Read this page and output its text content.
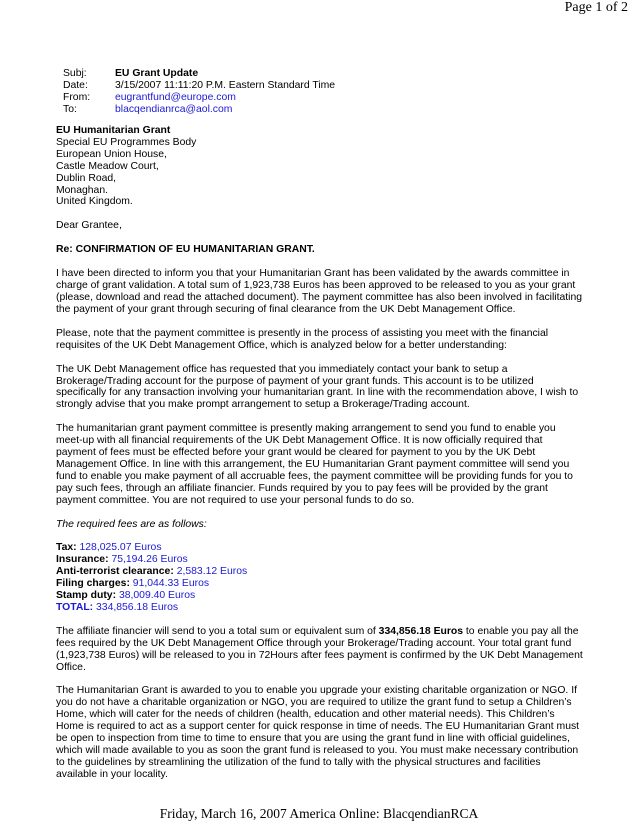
Page 1 of 2
Subj:	EU Grant Update
Date:	3/15/2007 11:11:20 P.M. Eastern Standard Time
From:	eugrantfund@europe.com
To:	blacqendianrca@aol.com

EU Humanitarian Grant

Special EU Programmes Body

European Union House,

Castle Meadow Court,

Dublin Road,

Monaghan.

United Kingdom.

Dear Grantee,

Re: CONFIRMATION OF EU HUMANITARIAN GRANT.

I have been directed to inform you that your Humanitarian Grant has been validated by the awards committee in charge of grant validation. A total sum of 1,923,738 Euros has been approved to be released to you as your grant (please, download and read the attached document). The payment committee has also been involved in facilitating the payment of your grant through securing of final clearance from the UK Debt Management Office.

Please, note that the payment committee is presently in the process of assisting you meet with the financial requisites of the UK Debt Management Office, which is analyzed below for a better understanding:

The UK Debt Management office has requested that you immediately contact your bank to setup a Brokerage/Trading account for the purpose of payment of your grant funds. This account is to be utilized specifically for any transaction involving your humanitarian grant. In line with the recommendation above, I wish to strongly advise that you make prompt arrangement to setup a Brokerage/Trading account.

The humanitarian grant payment committee is presently making arrangement to send you fund to enable you meet-up with all financial requirements of the UK Debt Management Office. It is now officially required that payment of fees must be effected before your grant would be cleared for payment to you by the UK Debt Management Office. In line with this arrangement, the EU Humanitarian Grant payment committee will send you fund to enable you make payment of all accruable fees, the payment committee will be providing funds for you to pay such fees, through an affiliate financier. Funds required by you to pay fees will be provided by the grant payment committee. You are not required to use your personal funds to do so.

The required fees are as follows:

Tax: 128,025.07 Euros
Insurance: 75,194.26 Euros
Anti-terrorist clearance: 2,583.12 Euros
Filing charges: 91,044.33 Euros
Stamp duty: 38,009.40 Euros
TOTAL: 334,856.18 Euros

The affiliate financier will send to you a total sum or equivalent sum of 334,856.18 Euros to enable you pay all the fees required by the UK Debt Management Office through your Brokerage/Trading account. Your total grant fund (1,923,738 Euros) will be released to you in 72Hours after fees payment is confirmed by the UK Debt Management Office.

The Humanitarian Grant is awarded to you to enable you upgrade your existing charitable organization or NGO. If you do not have a charitable organization or NGO, you are required to utilize the grant fund to setup a Children’s Home, which will cater for the needs of children (health, education and other material needs). This Children’s Home is required to act as a support center for quick response in time of needs. The EU Humanitarian Grant must be open to inspection from time to time to ensure that you are using the grant fund in line with official guidelines, which will made available to you as soon the grant fund is released to you. You must make necessary contribution to the guidelines by streamlining the utilization of the fund to tally with the physical structures and facilities available in your locality.

Friday, March 16, 2007 America Online: BlacqendianRCA
